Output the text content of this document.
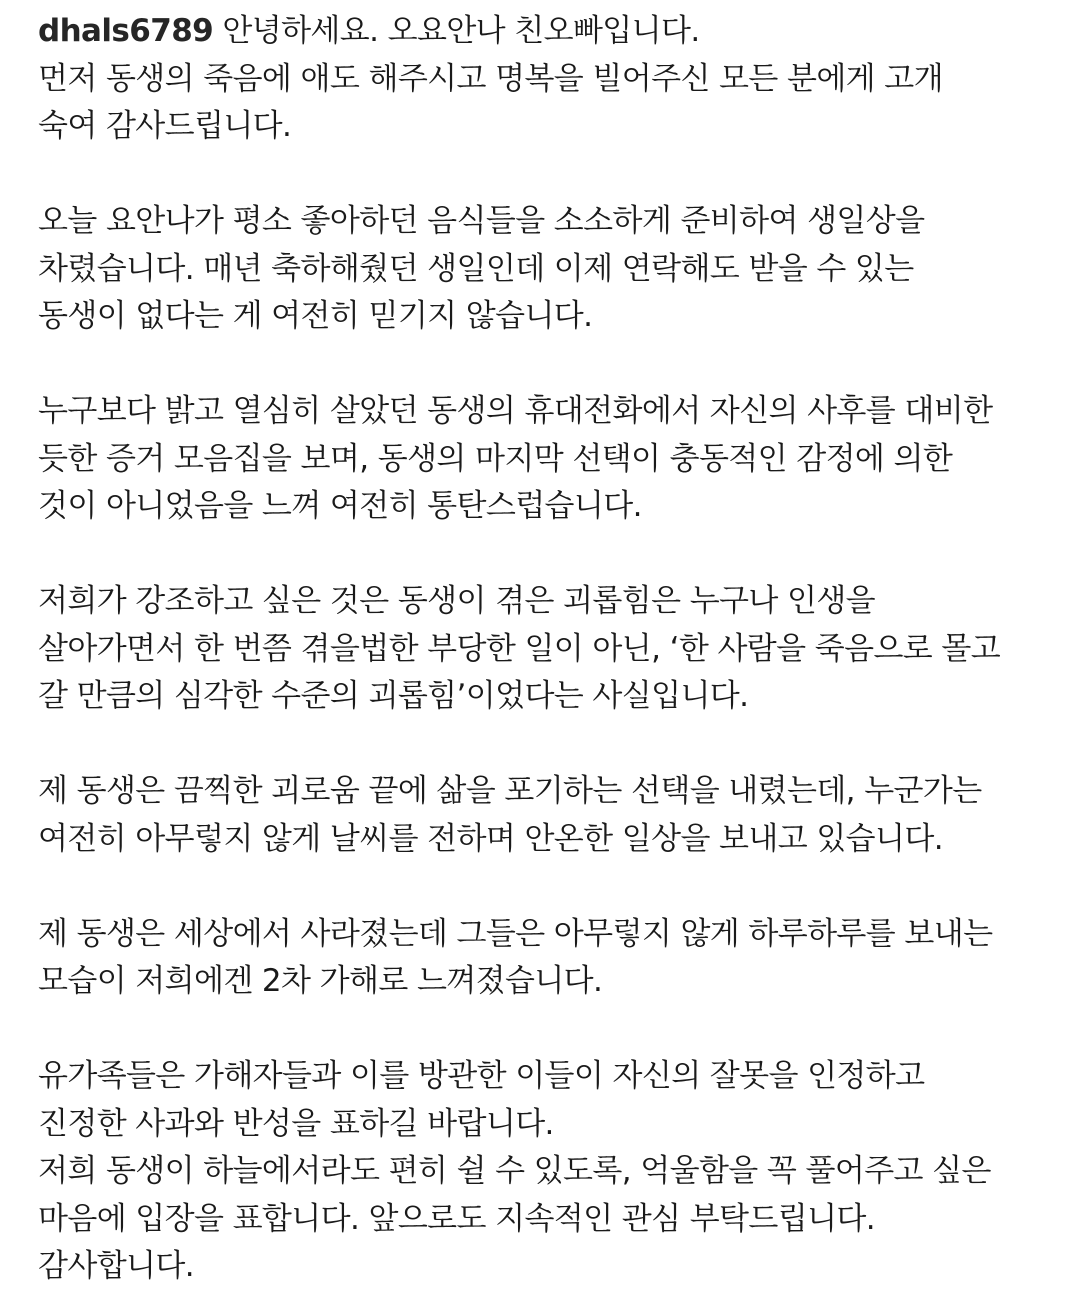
dhals6789 안녕하세요. 오요안나 친오빠입니다.
먼저 동생의 죽음에 애도 해주시고 명복을 빌어주신 모든 분에게 고개
숙여 감사드립니다.
오늘 요안나가 평소 좋아하던 음식들을 소소하게 준비하여 생일상을
차렸습니다. 매년 축하해줬던 생일인데 이제 연락해도 받을 수 있는
동생이 없다는 게 여전히 믿기지 않습니다.
누구보다 밝고 열심히 살았던 동생의 휴대전화에서 자신의 사후를 대비한
듯한 증거 모음집을 보며, 동생의 마지막 선택이 충동적인 감정에 의한
것이 아니었음을 느껴 여전히 통탄스럽습니다.
저희가 강조하고 싶은 것은 동생이 겪은 괴롭힘은 누구나 인생을
살아가면서 한 번쯤 겪을법한 부당한 일이 아닌, ‘한 사람을 죽음으로 몰고
갈 만큼의 심각한 수준의 괴롭힘’이었다는 사실입니다.
제 동생은 끔찍한 괴로움 끝에 삶을 포기하는 선택을 내렸는데, 누군가는
여전히 아무렇지 않게 날씨를 전하며 안온한 일상을 보내고 있습니다.
제 동생은 세상에서 사라졌는데 그들은 아무렇지 않게 하루하루를 보내는
모습이 저희에겐 2차 가해로 느껴졌습니다.
유가족들은 가해자들과 이를 방관한 이들이 자신의 잘못을 인정하고
진정한 사과와 반성을 표하길 바랍니다.
저희 동생이 하늘에서라도 편히 쉴 수 있도록, 억울함을 꼭 풀어주고 싶은
마음에 입장을 표합니다. 앞으로도 지속적인 관심 부탁드립니다.
감사합니다.
